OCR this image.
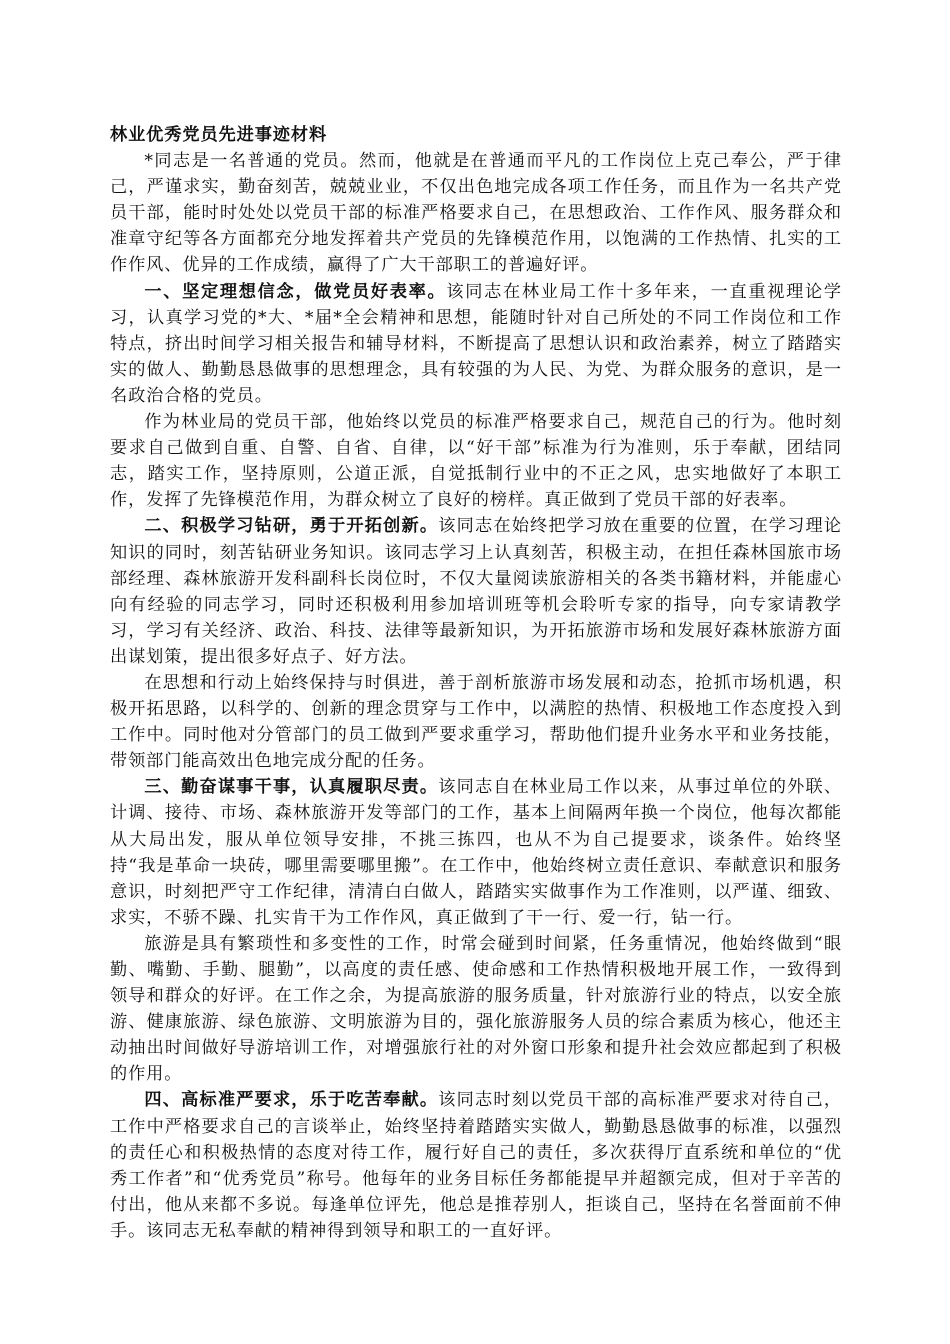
林业优秀党员先进事迹材料

*同志是一名普通的党员。然而，他就是在普通而平凡的工作岗位上克己奉公，严于律己，严谨求实，勤奋刻苦，兢兢业业，不仅出色地完成各项工作任务，而且作为一名共产党员干部，能时时处处以党员干部的标准严格要求自己，在思想政治、工作作风、服务群众和准章守纪等各方面都充分地发挥着共产党员的先锋模范作用，以饱满的工作热情、扎实的工作作风、优异的工作成绩，赢得了广大干部职工的普遍好评。

一、坚定理想信念，做党员好表率。该同志在林业局工作十多年来，一直重视理论学习，认真学习党的*大、*届*全会精神和思想，能随时针对自己所处的不同工作岗位和工作特点，挤出时间学习相关报告和辅导材料，不断提高了思想认识和政治素养，树立了踏踏实实的做人、勤勤恳恳做事的思想理念，具有较强的为人民、为党、为群众服务的意识，是一名政治合格的党员。

作为林业局的党员干部，他始终以党员的标准严格要求自己，规范自己的行为。他时刻要求自己做到自重、自警、自省、自律，以“好干部”标准为行为准则，乐于奉献，团结同志，踏实工作，坚持原则，公道正派，自觉抵制行业中的不正之风，忠实地做好了本职工作，发挥了先锋模范作用，为群众树立了良好的榜样。真正做到了党员干部的好表率。

二、积极学习钻研，勇于开拓创新。该同志在始终把学习放在重要的位置，在学习理论知识的同时，刻苦钻研业务知识。该同志学习上认真刻苦，积极主动，在担任森林国旅市场部经理、森林旅游开发科副科长岗位时，不仅大量阅读旅游相关的各类书籍材料，并能虚心向有经验的同志学习，同时还积极利用参加培训班等机会聆听专家的指导，向专家请教学习，学习有关经济、政治、科技、法律等最新知识，为开拓旅游市场和发展好森林旅游方面出谋划策，提出很多好点子、好方法。

在思想和行动上始终保持与时俱进，善于剖析旅游市场发展和动态，抢抓市场机遇，积极开拓思路，以科学的、创新的理念贯穿与工作中，以满腔的热情、积极地工作态度投入到工作中。同时他对分管部门的员工做到严要求重学习，帮助他们提升业务水平和业务技能，带领部门能高效出色地完成分配的任务。

三、勤奋谋事干事，认真履职尽责。该同志自在林业局工作以来，从事过单位的外联、计调、接待、市场、森林旅游开发等部门的工作，基本上间隔两年换一个岗位，他每次都能从大局出发，服从单位领导安排，不挑三拣四，也从不为自己提要求，谈条件。始终坚持“我是革命一块砖，哪里需要哪里搬”。在工作中，他始终树立责任意识、奉献意识和服务意识，时刻把严守工作纪律，清清白白做人，踏踏实实做事作为工作准则，以严谨、细致、求实，不骄不躁、扎实肯干为工作作风，真正做到了干一行、爱一行，钻一行。

旅游是具有繁琐性和多变性的工作，时常会碰到时间紧，任务重情况，他始终做到“眼勤、嘴勤、手勤、腿勤”，以高度的责任感、使命感和工作热情积极地开展工作，一致得到领导和群众的好评。在工作之余，为提高旅游的服务质量，针对旅游行业的特点，以安全旅游、健康旅游、绿色旅游、文明旅游为目的，强化旅游服务人员的综合素质为核心，他还主动抽出时间做好导游培训工作，对增强旅行社的对外窗口形象和提升社会效应都起到了积极的作用。

四、高标准严要求，乐于吃苦奉献。该同志时刻以党员干部的高标准严要求对待自己，工作中严格要求自己的言谈举止，始终坚持着踏踏实实做人，勤勤恳恳做事的标准，以强烈的责任心和积极热情的态度对待工作，履行好自己的责任，多次获得厅直系统和单位的“优秀工作者”和“优秀党员”称号。他每年的业务目标任务都能提早并超额完成，但对于辛苦的付出，他从来都不多说。每逢单位评先，他总是推荐别人，拒谈自己，坚持在名誉面前不伸手。该同志无私奉献的精神得到领导和职工的一直好评。
